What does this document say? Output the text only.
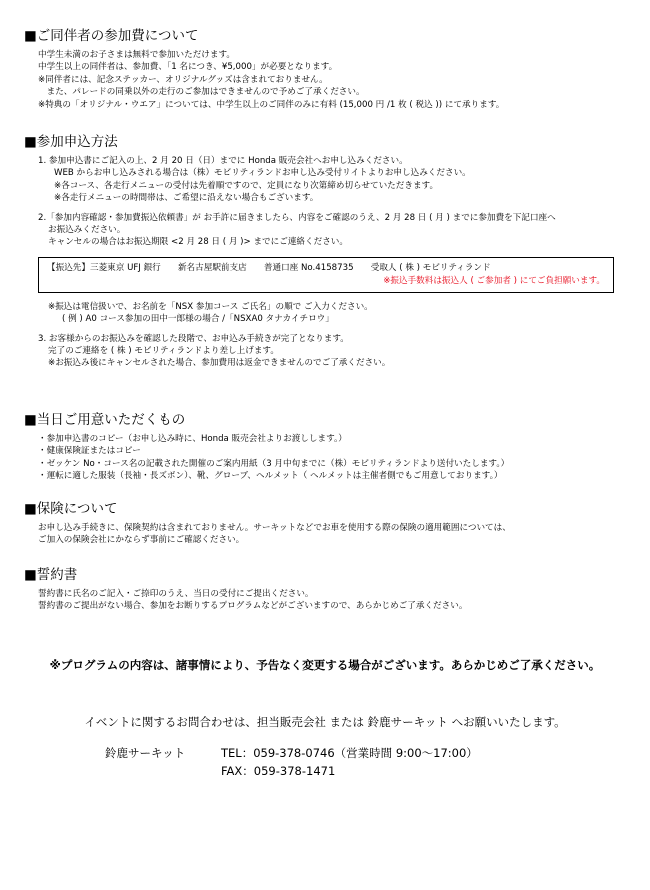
■ご同伴者の参加費について

中学生未満のお子さまは無料で参加いただけます。

中学生以上の同伴者は、参加費、「1 名につき、¥5,000」が必要となります。

※同伴者には、記念ステッカー、オリジナルグッズは含まれておりません。

　また、パレードの同乗以外の走行のご参加はできませんので予めご了承ください。

※特典の「オリジナル・ウエア」については、中学生以上のご同伴のみに有料 (15,000 円 /1 枚 ( 税込 )) にて承ります。

■参加申込方法

1. 参加申込書にご記入の上、2 月 20 日（日）までに Honda 販売会社へお申し込みください。

WEB からお申し込みされる場合は（株）モビリティランドお申し込み受付リイトよりお申し込みください。

※各コース、各走行メニューの受付は先着順ですので、定員になり次第締め切らせていただきます。

※各走行メニューの時間帯は、ご希望に沿えない場合もございます。

2.「参加内容確認・参加費振込依頼書」が お手許に届きましたら、内容をご確認のうえ、2 月 28 日 ( 月 ) までに参加費を下記口座へ

お振込みください。

キャンセルの場合はお振込期限 <2 月 28 日 ( 月 )> までにご連絡ください。

【振込先】三菱東京 UFJ 銀行　　新名古屋駅前支店　　普通口座 No.4158735　　受取人 ( 株 ) モビリティランド
※振込手数料は振込人 ( ご参加者 ) にてご負担願います。

※振込は電信扱いで、お名前を「NSX 参加コース ご氏名」の順で ご入力ください。

( 例 ) A0 コース参加の田中一郎様の場合 /「NSXA0 タナカイチロウ」

3. お客様からのお振込みを確認した段階で、お申込み手続きが完了となります。

完了のご連絡を ( 株 ) モビリティランドより差し上げます。

※お振込み後にキャンセルされた場合、参加費用は返金できませんのでご了承ください。

■当日ご用意いただくもの

・参加申込書のコピー（お申し込み時に、Honda 販売会社よりお渡しします。）

・健康保険証またはコピー

・ゼッケン No・コース名の記載された開催のご案内用紙（3 月中旬までに（株）モビリティランドより送付いたします。）

・運転に適した服装（長袖・長ズボン）、靴、グローブ、ヘルメット（ ヘルメットは主催者側でもご用意しております。）

■保険について

お申し込み手続きに、保険契約は含まれておりません。サーキットなどでお車を使用する際の保険の適用範囲については、

ご加入の保険会社にかならず事前にご確認ください。

■誓約書

誓約書に氏名のご記入・ご捺印のうえ、当日の受付にご提出ください。

誓約書のご提出がない場合、参加をお断りするプログラムなどがございますので、あらかじめご了承ください。

※プログラムの内容は、諸事情により、予告なく変更する場合がございます。あらかじめご了承ください。
イベントに関するお問合わせは、担当販売会社 または 鈴鹿サーキット へお願いいたします。
鈴鹿サーキット	TEL：059-378-0746（営業時間 9:00〜17:00）
FAX：059-378-1471
